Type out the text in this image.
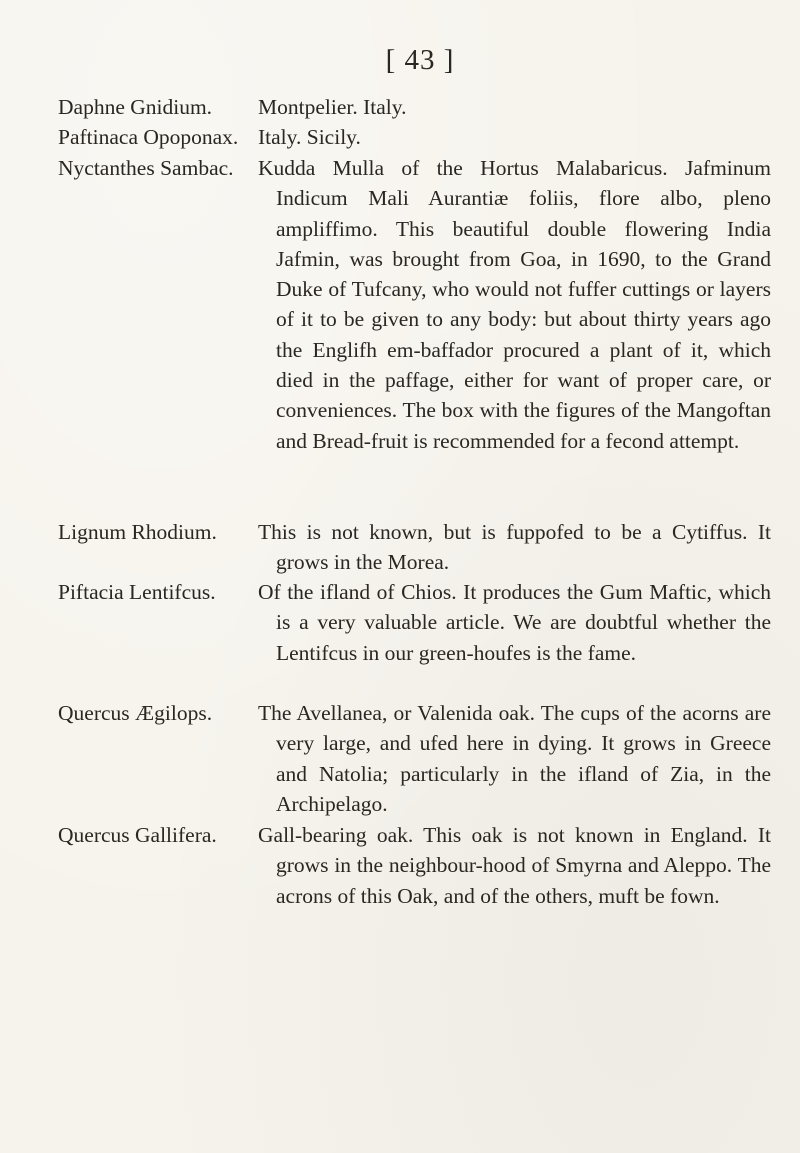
[ 43 ]
Daphne Gnidium. Montpelier. Italy.
Paftinaca Opoponax. Italy. Sicily.
Nyctanthes Sambac. Kudda Mulla of the Hortus Malabaricus. Jafminum Indicum Mali Aurantiæ foliis, flore albo, pleno ampliffimo. This beautiful double flowering India Jafmin, was brought from Goa, in 1690, to the Grand Duke of Tufcany, who would not fuffer cuttings or layers of it to be given to any body: but about thirty years ago the Englifh em-baffador procured a plant of it, which died in the paffage, either for want of proper care, or conveniences. The box with the figures of the Mangoftan and Bread-fruit is recommended for a fecond attempt.
Lignum Rhodium. This is not known, but is fuppofed to be a Cytiffus. It grows in the Morea.
Piftacia Lentifcus. Of the ifland of Chios. It produces the Gum Maftic, which is a very valuable article. We are doubtful whether the Lentifcus in our green-houfes is the fame.
Quercus Ægilops. The Avellanea, or Valenida oak. The cups of the acorns are very large, and ufed here in dying. It grows in Greece and Natolia; particularly in the ifland of Zia, in the Archipelago.
Quercus Gallifera. Gall-bearing oak. This oak is not known in England. It grows in the neighbour-hood of Smyrna and Aleppo. The acrons of this Oak, and of the others, muft be fown.
